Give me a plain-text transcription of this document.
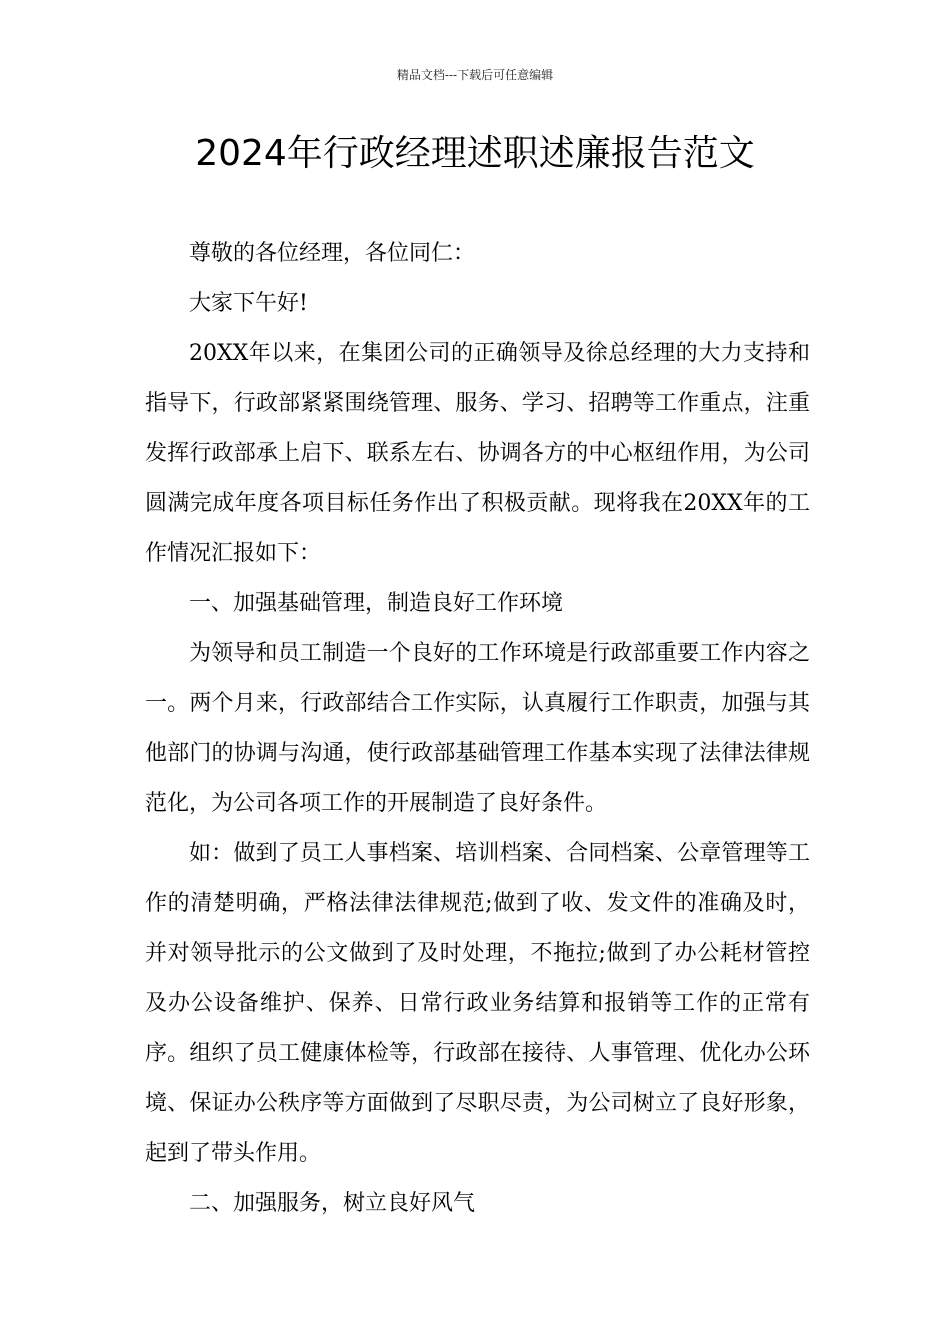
精品文档---下载后可任意编辑
2024年行政经理述职述廉报告范文

尊敬的各位经理，各位同仁：

大家下午好!

20XX年以来，在集团公司的正确领导及徐总经理的大力支持和指导下，行政部紧紧围绕管理、服务、学习、招聘等工作重点，注重发挥行政部承上启下、联系左右、协调各方的中心枢纽作用，为公司圆满完成年度各项目标任务作出了积极贡献。现将我在20XX年的工作情况汇报如下：

一、加强基础管理，制造良好工作环境

为领导和员工制造一个良好的工作环境是行政部重要工作内容之一。两个月来，行政部结合工作实际，认真履行工作职责，加强与其他部门的协调与沟通，使行政部基础管理工作基本实现了法律法律规范化，为公司各项工作的开展制造了良好条件。

如：做到了员工人事档案、培训档案、合同档案、公章管理等工作的清楚明确，严格法律法律规范;做到了收、发文件的准确及时，并对领导批示的公文做到了及时处理，不拖拉;做到了办公耗材管控及办公设备维护、保养、日常行政业务结算和报销等工作的正常有序。组织了员工健康体检等，行政部在接待、人事管理、优化办公环境、保证办公秩序等方面做到了尽职尽责，为公司树立了良好形象，起到了带头作用。

二、加强服务，树立良好风气
